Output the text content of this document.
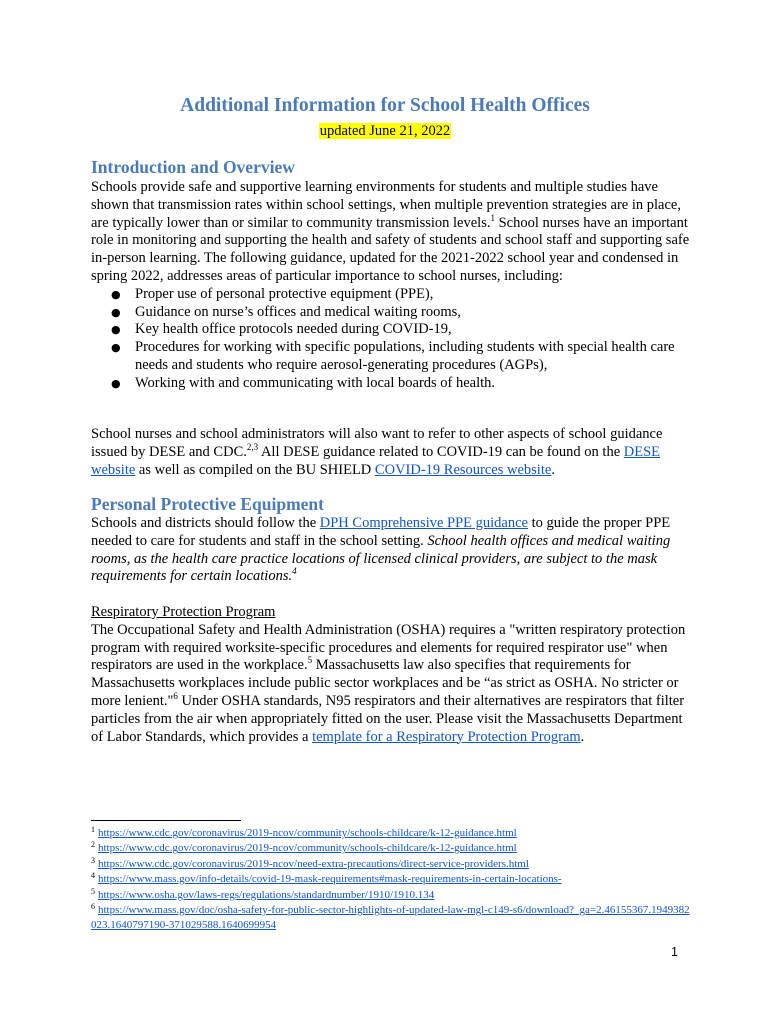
Additional Information for School Health Offices
updated June 21, 2022
Introduction and Overview

Schools provide safe and supportive learning environments for students and multiple studies have shown that transmission rates within school settings, when multiple prevention strategies are in place, are typically lower than or similar to community transmission levels.$^1$ School nurses have an important role in monitoring and supporting the health and safety of students and school staff and supporting safe in-person learning. The following guidance, updated for the 2021-2022 school year and condensed in spring 2022, addresses areas of particular importance to school nurses, including:

● Proper use of personal protective equipment (PPE),
● Guidance on nurse’s offices and medical waiting rooms,
● Key health office protocols needed during COVID-19,
● Procedures for working with specific populations, including students with special health care needs and students who require aerosol-generating procedures (AGPs),
● Working with and communicating with local boards of health.

School nurses and school administrators will also want to refer to other aspects of school guidance issued by DESE and CDC.$^{2,3}$ All DESE guidance related to COVID-19 can be found on the DESE website as well as compiled on the BU SHIELD COVID-19 Resources website.

Personal Protective Equipment

Schools and districts should follow the DPH Comprehensive PPE guidance to guide the proper PPE needed to care for students and staff in the school setting. School health offices and medical waiting rooms, as the health care practice locations of licensed clinical providers, are subject to the mask requirements for certain locations.$^4$

Respiratory Protection Program

The Occupational Safety and Health Administration (OSHA) requires a "written respiratory protection program with required worksite-specific procedures and elements for required respirator use" when respirators are used in the workplace.$^5$ Massachusetts law also specifies that requirements for Massachusetts workplaces include public sector workplaces and be “as strict as OSHA. No stricter or more lenient."$^6$ Under OSHA standards, N95 respirators and their alternatives are respirators that filter particles from the air when appropriately fitted on the user. Please visit the Massachusetts Department of Labor Standards, which provides a template for a Respiratory Protection Program.

$^1$ https://www.cdc.gov/coronavirus/2019-ncov/community/schools-childcare/k-12-guidance.html

$^2$ https://www.cdc.gov/coronavirus/2019-ncov/community/schools-childcare/k-12-guidance.html

$^3$ https://www.cdc.gov/coronavirus/2019-ncov/need-extra-precautions/direct-service-providers.html

$^4$ https://www.mass.gov/info-details/covid-19-mask-requirements#mask-requirements-in-certain-locations-

$^5$ https://www.osha.gov/laws-regs/regulations/standardnumber/1910/1910.134

$^6$ https://www.mass.gov/doc/osha-safety-for-public-sector-highlights-of-updated-law-mgl-c149-s6/download?_ga=2.46155367.1949382023.1640797190-371029588.1640699954

1
